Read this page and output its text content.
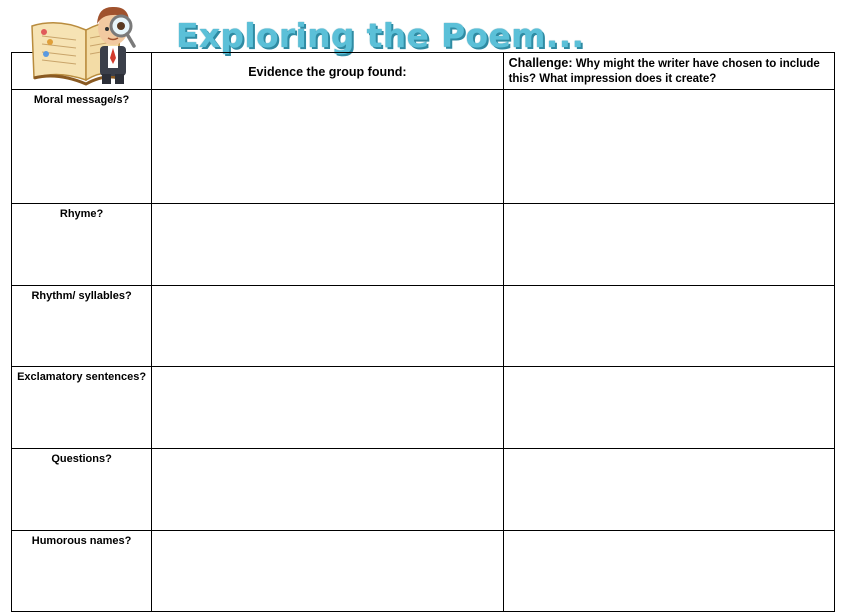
Exploring the Poem...
	Evidence the group found:	Challenge: Why might the writer have chosen to include this? What impression does it create?
Moral message/s?		
Rhyme?		
Rhythm/ syllables?		
Exclamatory sentences?		
Questions?		
Humorous names?		
